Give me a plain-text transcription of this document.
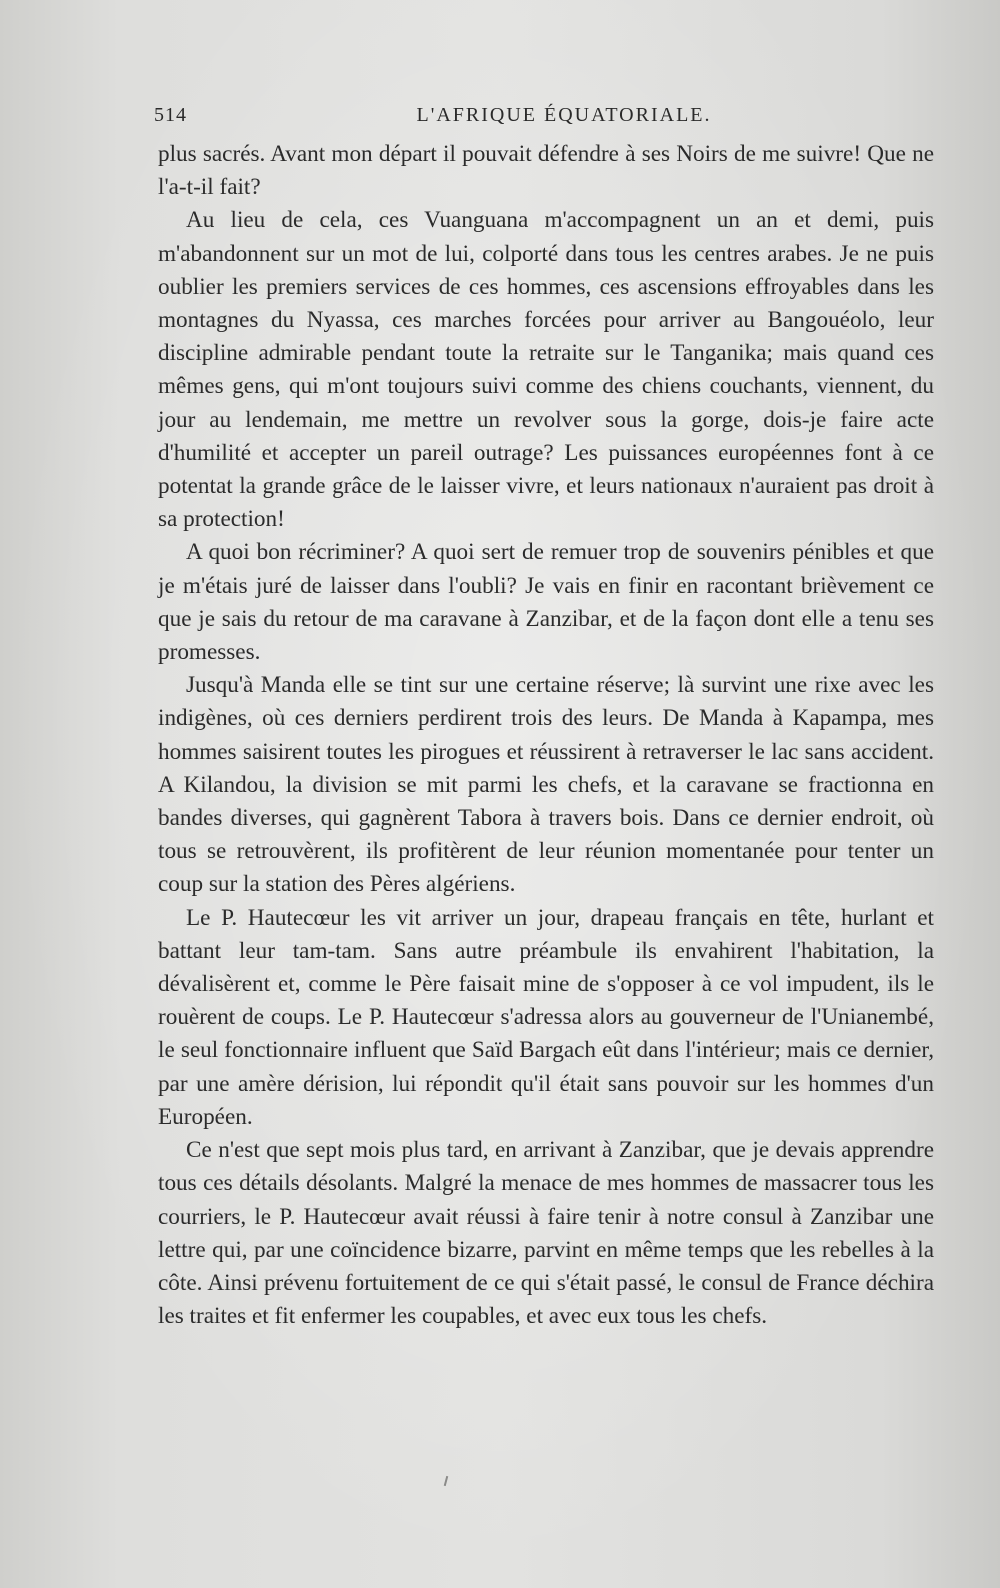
514	L'AFRIQUE ÉQUATORIALE.

plus sacrés. Avant mon départ il pouvait défendre à ses Noirs de me suivre! Que ne l'a-t-il fait?

Au lieu de cela, ces Vuanguana m'accompagnent un an et demi, puis m'abandonnent sur un mot de lui, colporté dans tous les centres arabes. Je ne puis oublier les premiers services de ces hommes, ces ascensions effroyables dans les montagnes du Nyassa, ces marches forcées pour arriver au Bangouéolo, leur discipline admirable pendant toute la retraite sur le Tanganika; mais quand ces mêmes gens, qui m'ont toujours suivi comme des chiens couchants, viennent, du jour au lendemain, me mettre un revolver sous la gorge, dois-je faire acte d'humilité et accepter un pareil outrage? Les puissances européennes font à ce potentat la grande grâce de le laisser vivre, et leurs nationaux n'auraient pas droit à sa protection!

A quoi bon récriminer? A quoi sert de remuer trop de souvenirs pénibles et que je m'étais juré de laisser dans l'oubli? Je vais en finir en racontant brièvement ce que je sais du retour de ma caravane à Zanzibar, et de la façon dont elle a tenu ses promesses.

Jusqu'à Manda elle se tint sur une certaine réserve; là survint une rixe avec les indigènes, où ces derniers perdirent trois des leurs. De Manda à Kapampa, mes hommes saisirent toutes les pirogues et réussirent à retraverser le lac sans accident. A Kilandou, la division se mit parmi les chefs, et la caravane se fractionna en bandes diverses, qui gagnèrent Tabora à travers bois. Dans ce dernier endroit, où tous se retrouvèrent, ils profitèrent de leur réunion momentanée pour tenter un coup sur la station des Pères algériens.

Le P. Hautecœur les vit arriver un jour, drapeau français en tête, hurlant et battant leur tam-tam. Sans autre préambule ils envahirent l'habitation, la dévalisèrent et, comme le Père faisait mine de s'opposer à ce vol impudent, ils le rouèrent de coups. Le P. Hautecœur s'adressa alors au gouverneur de l'Unianembé, le seul fonctionnaire influent que Saïd Bargach eût dans l'intérieur; mais ce dernier, par une amère dérision, lui répondit qu'il était sans pouvoir sur les hommes d'un Européen.

Ce n'est que sept mois plus tard, en arrivant à Zanzibar, que je devais apprendre tous ces détails désolants. Malgré la menace de mes hommes de massacrer tous les courriers, le P. Hautecœur avait réussi à faire tenir à notre consul à Zanzibar une lettre qui, par une coïncidence bizarre, parvint en même temps que les rebelles à la côte. Ainsi prévenu fortuitement de ce qui s'était passé, le consul de France déchira les traites et fit enfermer les coupables, et avec eux tous les chefs.
